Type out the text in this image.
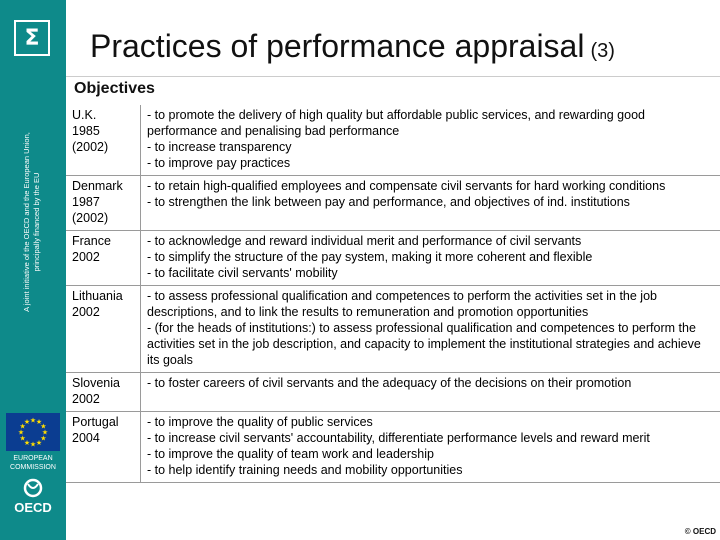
Σ
A joint initiative of the OECD and the European Union, principally financed by the EU
★ ★
★
★
★
★
★
★
★
★
★
★
EUROPEAN
COMMISSION
OECD
Practices of performance appraisal (3)
Objectives
U.K.
1985
(2002)	- to promote the delivery of high quality but affordable public services, and rewarding good performance and penalising bad performance
- to increase transparency
- to improve pay practices

Denmark
1987
(2002)	- to retain high-qualified employees and compensate civil servants for hard working conditions
- to strengthen the link between pay and performance, and objectives of ind. institutions

France
2002	- to acknowledge and reward individual merit and performance of civil servants
- to simplify the structure of the pay system, making it more coherent and flexible
- to facilitate civil servants' mobility

Lithuania
2002	- to assess professional qualification and competences to perform the activities set in the job descriptions, and to link the results to remuneration and promotion opportunities
- (for the heads of institutions:) to assess professional qualification and competences to perform the activities set in the job description, and capacity to implement the institutional strategies and achieve its goals

Slovenia
2002	- to foster careers of civil servants and the adequacy of the decisions on their promotion

Portugal
2004	- to improve the quality of public services
- to increase civil servants' accountability, differentiate performance levels and reward merit
- to improve the quality of team work and leadership
- to help identify training needs and mobility opportunities
© OECD
